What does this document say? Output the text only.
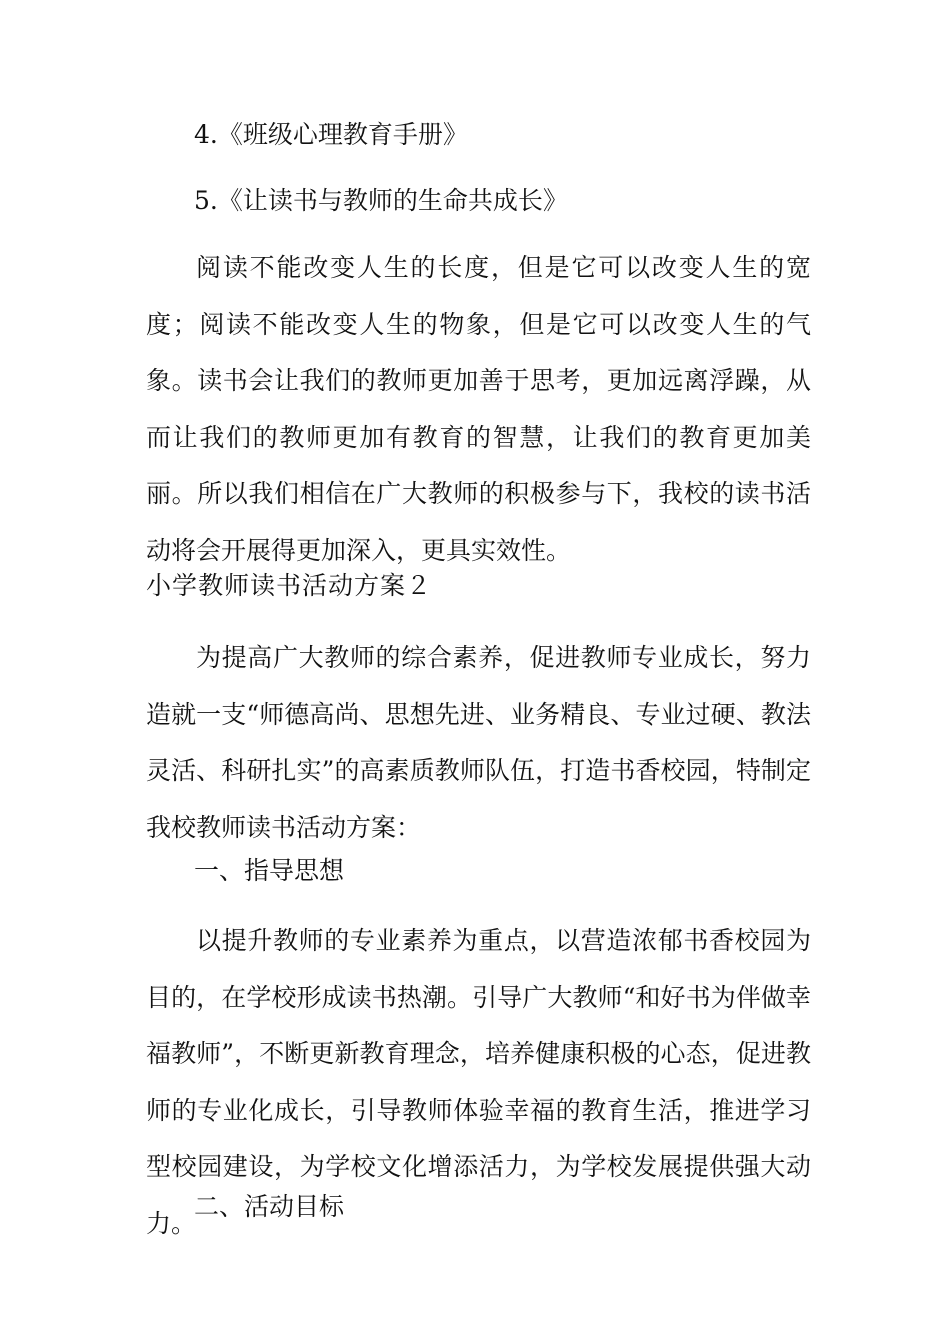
4.《班级心理教育手册》

5.《让读书与教师的生命共成长》

阅读不能改变人生的长度，但是它可以改变人生的宽度；阅读不能改变人生的物象，但是它可以改变人生的气象。读书会让我们的教师更加善于思考，更加远离浮躁，从而让我们的教师更加有教育的智慧，让我们的教育更加美丽。所以我们相信在广大教师的积极参与下，我校的读书活动将会开展得更加深入，更具实效性。

小学教师读书活动方案２

为提高广大教师的综合素养，促进教师专业成长，努力造就一支“师德高尚、思想先进、业务精良、专业过硬、教法灵活、科研扎实”的高素质教师队伍，打造书香校园，特制定我校教师读书活动方案：

一、指导思想

以提升教师的专业素养为重点，以营造浓郁书香校园为目的，在学校形成读书热潮。引导广大教师“和好书为伴做幸福教师”，不断更新教育理念，培养健康积极的心态，促进教师的专业化成长，引导教师体验幸福的教育生活，推进学习型校园建设，为学校文化增添活力，为学校发展提供强大动力。

二、活动目标
